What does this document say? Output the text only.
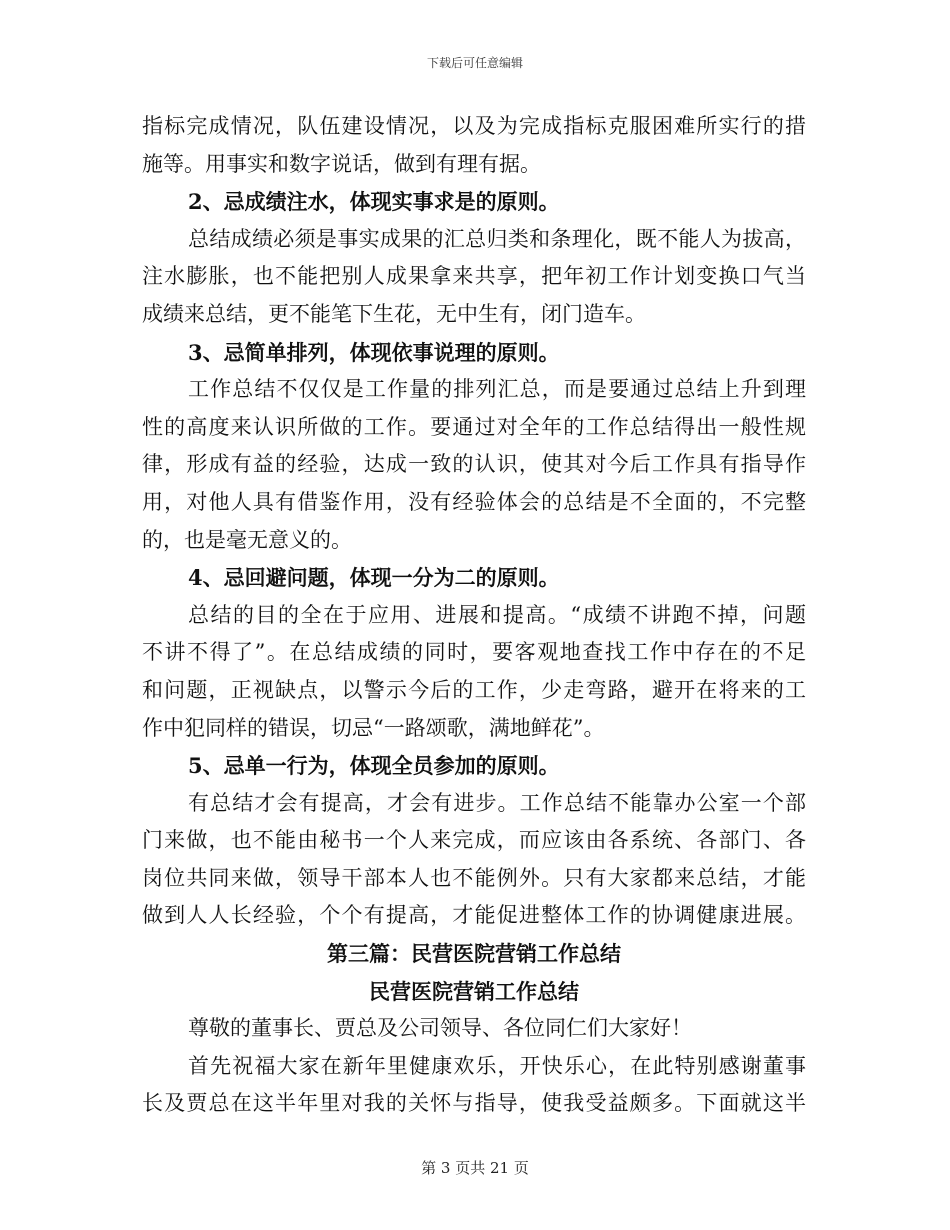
下载后可任意编辑
指标完成情况，队伍建设情况，以及为完成指标克服困难所实行的措
施等。用事实和数字说话，做到有理有据。
2、忌成绩注水，体现实事求是的原则。
总结成绩必须是事实成果的汇总归类和条理化，既不能人为拔高，
注水膨胀，也不能把别人成果拿来共享，把年初工作计划变换口气当
成绩来总结，更不能笔下生花，无中生有，闭门造车。
3、忌简单排列，体现依事说理的原则。
工作总结不仅仅是工作量的排列汇总，而是要通过总结上升到理
性的高度来认识所做的工作。要通过对全年的工作总结得出一般性规
律，形成有益的经验，达成一致的认识，使其对今后工作具有指导作
用，对他人具有借鉴作用，没有经验体会的总结是不全面的，不完整
的，也是毫无意义的。
4、忌回避问题，体现一分为二的原则。
总结的目的全在于应用、进展和提高。“成绩不讲跑不掉，问题
不讲不得了”。在总结成绩的同时，要客观地查找工作中存在的不足
和问题，正视缺点，以警示今后的工作，少走弯路，避开在将来的工
作中犯同样的错误，切忌“一路颂歌，满地鲜花”。
5、忌单一行为，体现全员参加的原则。
有总结才会有提高，才会有进步。工作总结不能靠办公室一个部
门来做，也不能由秘书一个人来完成，而应该由各系统、各部门、各
岗位共同来做，领导干部本人也不能例外。只有大家都来总结，才能
做到人人长经验，个个有提高，才能促进整体工作的协调健康进展。
第三篇：民营医院营销工作总结
民营医院营销工作总结
尊敬的董事长、贾总及公司领导、各位同仁们大家好！
首先祝福大家在新年里健康欢乐，开快乐心，在此特别感谢董事
长及贾总在这半年里对我的关怀与指导，使我受益颇多。下面就这半
第 3 页共 21 页
